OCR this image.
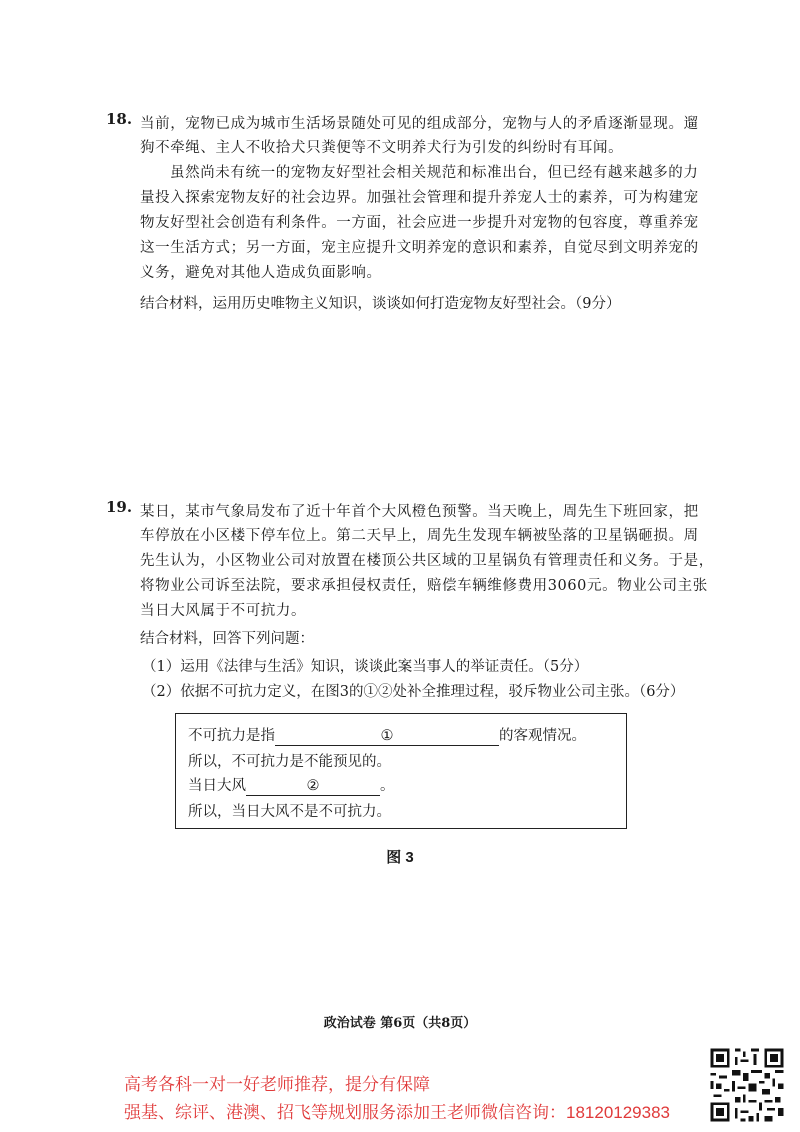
18. 当前，宠物已成为城市生活场景随处可见的组成部分，宠物与人的矛盾逐渐显现。遛
狗不牵绳、主人不收拾犬只粪便等不文明养犬行为引发的纠纷时有耳闻。
虽然尚未有统一的宠物友好型社会相关规范和标准出台，但已经有越来越多的力
量投入探索宠物友好的社会边界。加强社会管理和提升养宠人士的素养，可为构建宠
物友好型社会创造有利条件。一方面，社会应进一步提升对宠物的包容度，尊重养宠
这一生活方式；另一方面，宠主应提升文明养宠的意识和素养，自觉尽到文明养宠的
义务，避免对其他人造成负面影响。
结合材料，运用历史唯物主义知识，谈谈如何打造宠物友好型社会。（9分）
19. 某日，某市气象局发布了近十年首个大风橙色预警。当天晚上，周先生下班回家，把
车停放在小区楼下停车位上。第二天早上，周先生发现车辆被坠落的卫星锅砸损。周
先生认为，小区物业公司对放置在楼顶公共区域的卫星锅负有管理责任和义务。于是，
将物业公司诉至法院，要求承担侵权责任，赔偿车辆维修费用3060元。物业公司主张
当日大风属于不可抗力。
结合材料，回答下列问题：
（1）运用《法律与生活》知识，谈谈此案当事人的举证责任。（5分）
（2）依据不可抗力定义，在图3的①②处补全推理过程，驳斥物业公司主张。（6分）
不可抗力是指	①	的客观情况。
所以，不可抗力是不能预见的。
当日大风	②	。
所以，当日大风不是不可抗力。
图 3
政治试卷 第6页（共8页）
高考各科一对一好老师推荐，提分有保障
强基、综评、港澳、招飞等规划服务添加王老师微信咨询：18120129383
